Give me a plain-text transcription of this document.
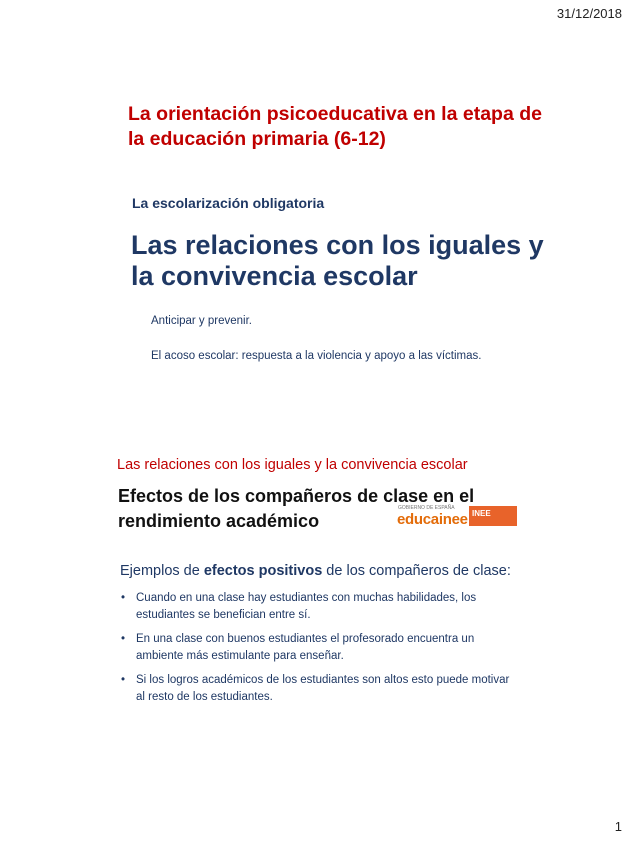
31/12/2018
La orientación psicoeducativa en la etapa de la educación primaria (6-12)
La escolarización obligatoria
Las relaciones con los iguales y la convivencia escolar
Anticipar y prevenir.
El acoso escolar: respuesta a la violencia y apoyo a las víctimas.
Las relaciones con los iguales y la convivencia escolar
Efectos de los compañeros de clase en el rendimiento académico
GOBIERNO DE ESPAÑA
educainee INEE
Ejemplos de efectos positivos de los compañeros de clase:
• Cuando en una clase hay estudiantes con muchas habilidades, los estudiantes se benefician entre sí.
• En una clase con buenos estudiantes el profesorado encuentra un ambiente más estimulante para enseñar.
• Si los logros académicos de los estudiantes son altos esto puede motivar al resto de los estudiantes.
1
